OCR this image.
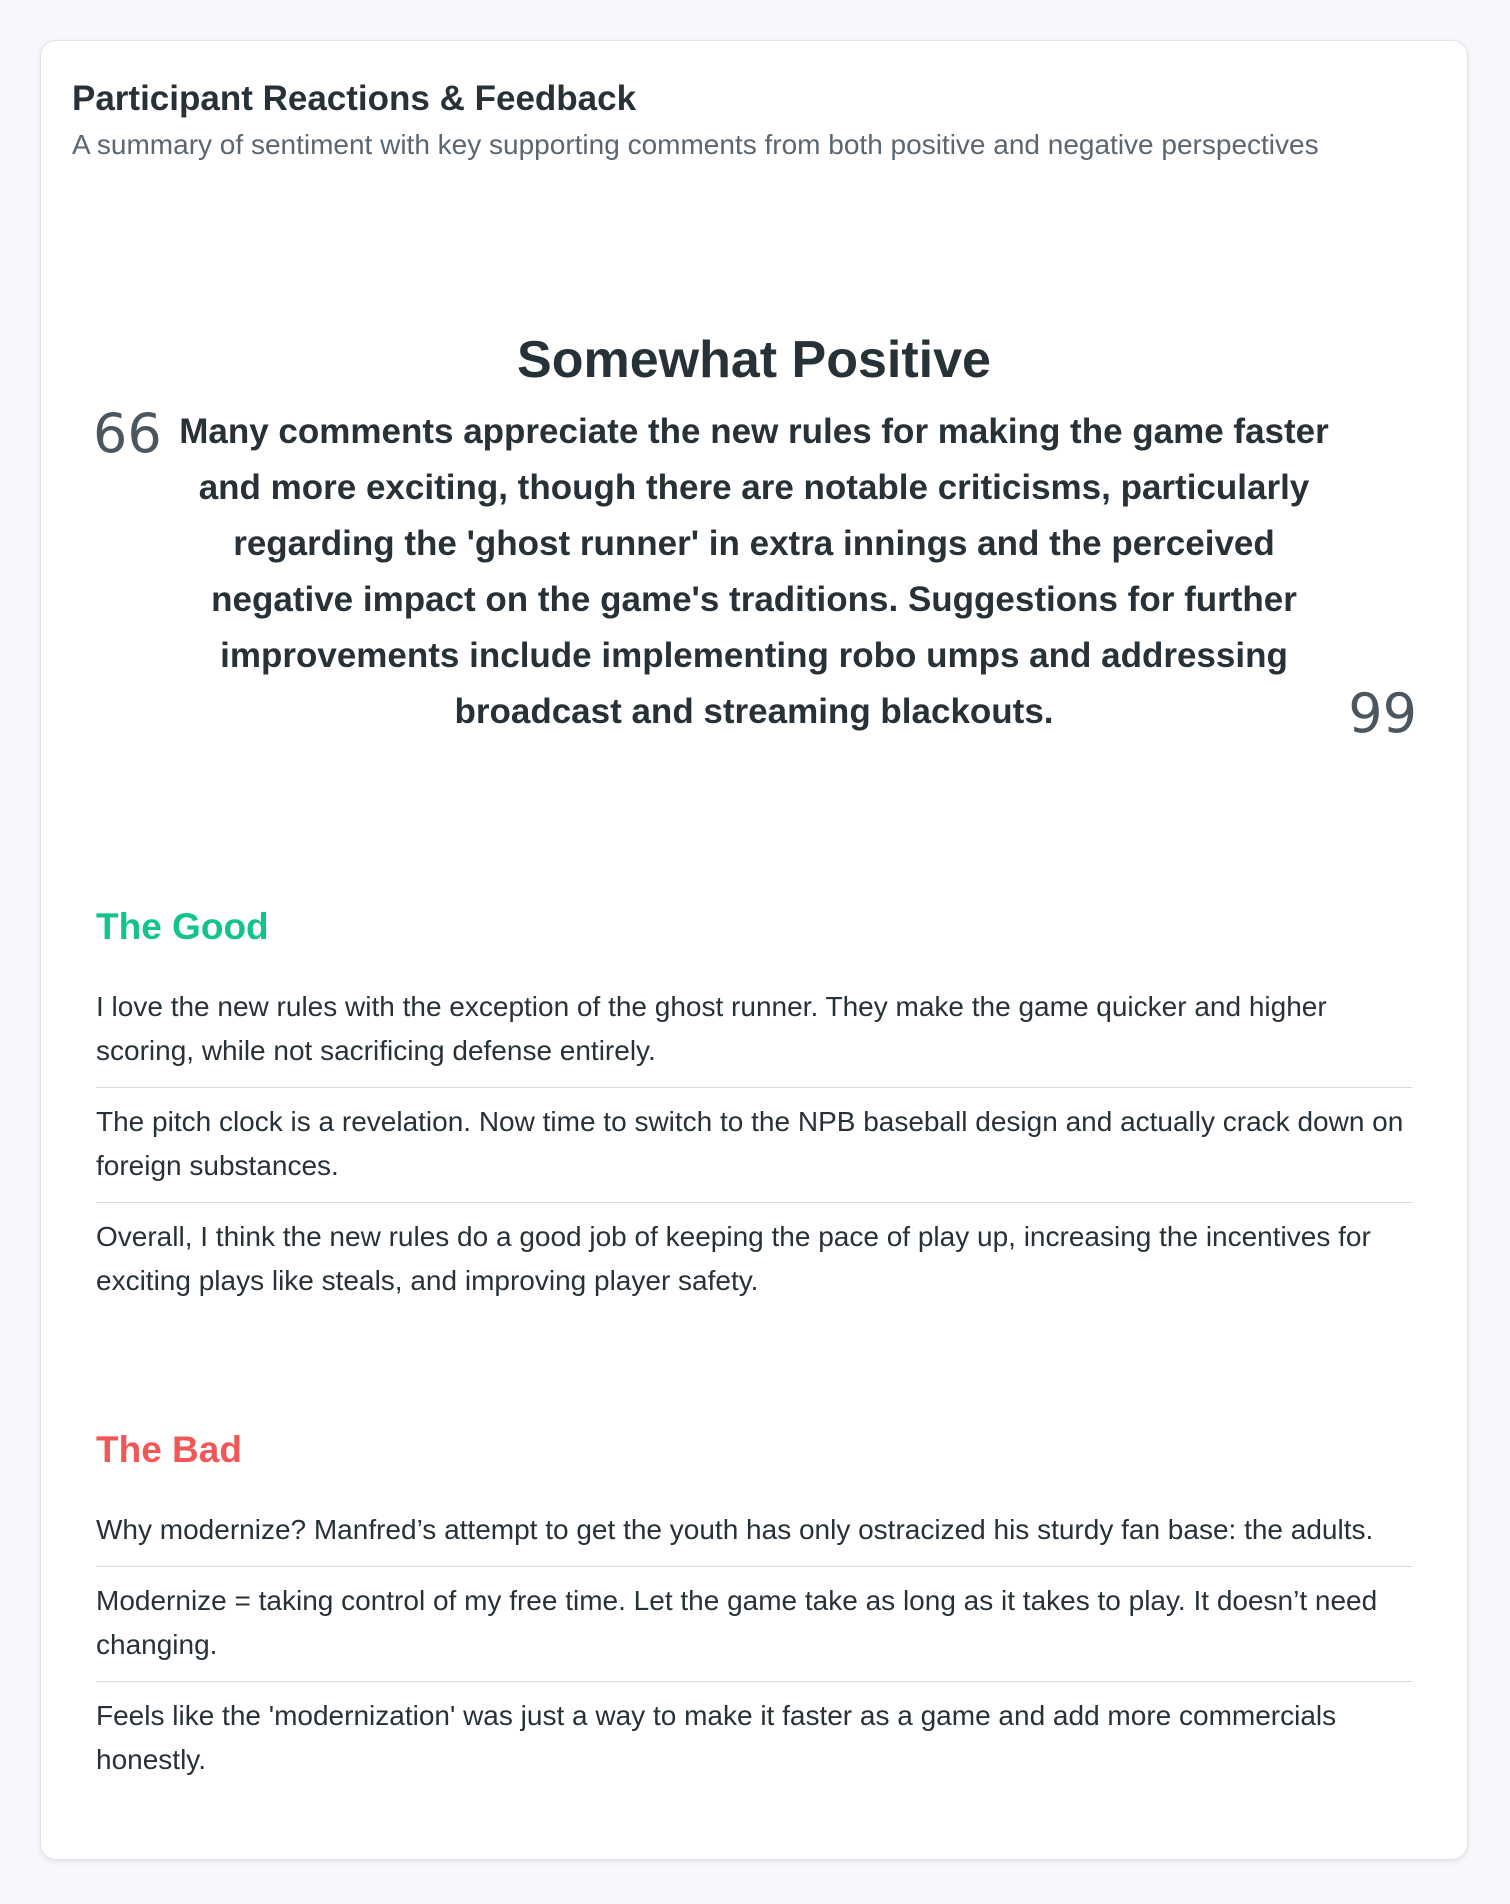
Participant Reactions & Feedback
A summary of sentiment with key supporting comments from both positive and negative perspectives
Somewhat Positive
66 Many comments appreciate the new rules for making the game faster and more exciting, though there are notable criticisms, particularly regarding the 'ghost runner' in extra innings and the perceived negative impact on the game's traditions. Suggestions for further improvements include implementing robo umps and addressing broadcast and streaming blackouts.	99
The Good
I love the new rules with the exception of the ghost runner. They make the game quicker and higher scoring, while not sacrificing defense entirely.
The pitch clock is a revelation. Now time to switch to the NPB baseball design and actually crack down on foreign substances.
Overall, I think the new rules do a good job of keeping the pace of play up, increasing the incentives for exciting plays like steals, and improving player safety.
The Bad
Why modernize? Manfred’s attempt to get the youth has only ostracized his sturdy fan base: the adults.
Modernize = taking control of my free time. Let the game take as long as it takes to play. It doesn’t need changing.
Feels like the 'modernization' was just a way to make it faster as a game and add more commercials honestly.
